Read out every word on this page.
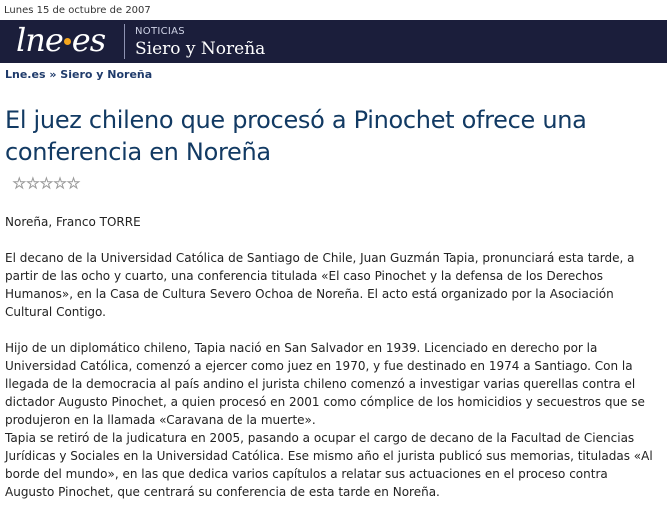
Lunes 15 de octubre de 2007
lne es	NOTICIAS
Siero y Noreña
Lne.es » Siero y Noreña
El juez chileno que procesó a Pinochet ofrece una conferencia en Noreña
★ ★ ★ ★ ★

Noreña, Franco TORRE

El decano de la Universidad Católica de Santiago de Chile, Juan Guzmán Tapia, pronunciará esta tarde, a partir de las ocho y cuarto, una conferencia titulada «El caso Pinochet y la defensa de los Derechos Humanos», en la Casa de Cultura Severo Ochoa de Noreña. El acto está organizado por la Asociación Cultural Contigo.

Hijo de un diplomático chileno, Tapia nació en San Salvador en 1939. Licenciado en derecho por la Universidad Católica, comenzó a ejercer como juez en 1970, y fue destinado en 1974 a Santiago. Con la llegada de la democracia al país andino el jurista chileno comenzó a investigar varias querellas contra el dictador Augusto Pinochet, a quien procesó en 2001 como cómplice de los homicidios y secuestros que se produjeron en la llamada «Caravana de la muerte».

Tapia se retiró de la judicatura en 2005, pasando a ocupar el cargo de decano de la Facultad de Ciencias Jurídicas y Sociales en la Universidad Católica. Ese mismo año el jurista publicó sus memorias, tituladas «Al borde del mundo», en las que dedica varios capítulos a relatar sus actuaciones en el proceso contra Augusto Pinochet, que centrará su conferencia de esta tarde en Noreña.
